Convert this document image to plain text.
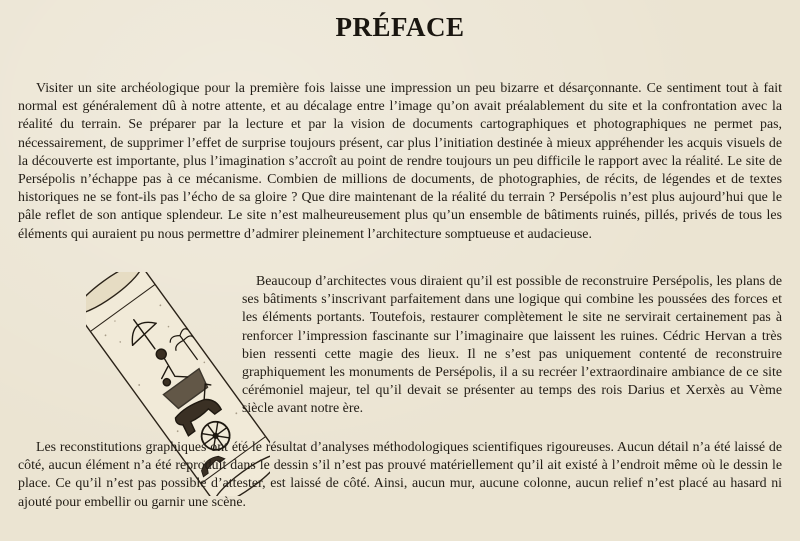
PRÉFACE

Visiter un site archéologique pour la première fois laisse une impression un peu bizarre et désarçonnante. Ce sentiment tout à fait normal est généralement dû à notre attente, et au décalage entre l’image qu’on avait préalablement du site et la confrontation avec la réalité du terrain. Se préparer par la lecture et par la vision de documents cartographiques et photographiques ne permet pas, nécessairement, de supprimer l’effet de surprise toujours présent, car plus l’initiation destinée à mieux appréhender les acquis visuels de la découverte est importante, plus l’imagination s’accroît au point de rendre toujours un peu difficile le rapport avec la réalité. Le site de Persépolis n’échappe pas à ce mécanisme. Combien de millions de documents, de photographies, de récits, de légendes et de textes historiques ne se font-ils pas l’écho de sa gloire ? Que dire maintenant de la réalité du terrain ? Persépolis n’est plus aujourd’hui que le pâle reflet de son antique splendeur. Le site n’est malheureusement plus qu’un ensemble de bâtiments ruinés, pillés, privés de tous les éléments qui auraient pu nous permettre d’admirer pleinement l’architecture somptueuse et audacieuse.

Beaucoup d’architectes vous diraient qu’il est possible de reconstruire Persépolis, les plans de ses bâtiments s’inscrivant parfaitement dans une logique qui combine les poussées des forces et les éléments portants. Toutefois, restaurer complètement le site ne servirait certainement pas à renforcer l’impression fascinante sur l’imaginaire que laissent les ruines. Cédric Hervan a très bien ressenti cette magie des lieux. Il ne s’est pas uniquement contenté de reconstruire graphiquement les monuments de Persépolis, il a su recréer l’extraordinaire ambiance de ce site cérémoniel majeur, tel qu’il devait se présenter au temps des rois Darius et Xerxès au Vème siècle avant notre ère.

Les reconstitutions graphiques ont été le résultat d’analyses méthodologiques scientifiques rigoureuses. Aucun détail n’a été laissé de côté, aucun élément n’a été reproduit dans le dessin s’il n’est pas prouvé matériellement qu’il ait existé à l’endroit même où le dessin le place. Ce qu’il n’est pas possible d’attester, est laissé de côté. Ainsi, aucun mur, aucune colonne, aucun relief n’est placé au hasard ni ajouté pour embellir ou garnir une scène.
